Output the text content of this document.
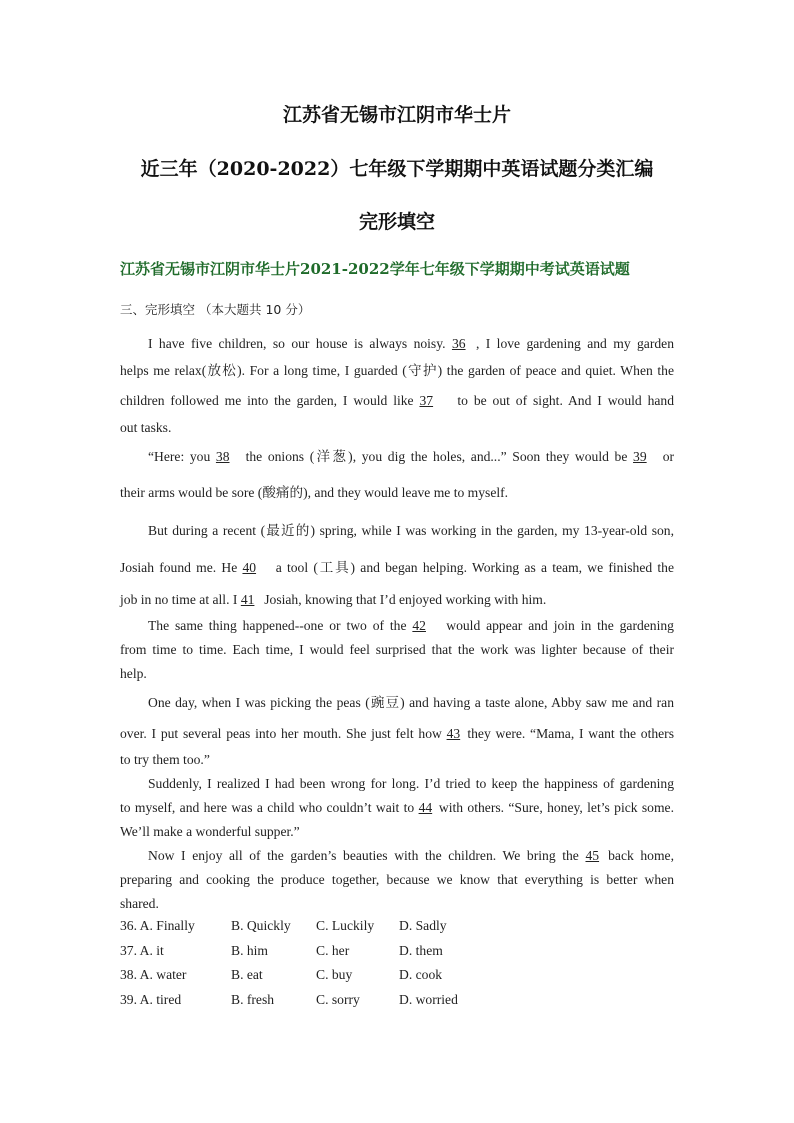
江苏省无锡市江阴市华士片
近三年（2020-2022）七年级下学期期中英语试题分类汇编
完形填空
江苏省无锡市江阴市华士片2021-2022学年七年级下学期期中考试英语试题
三、完形填空 （本大题共 10 分）

I have five children, so our house is always noisy. 36 , I love gardening and my garden

helps me relax(放松). For a long time, I guarded (守护) the garden of peace and quiet. When the

children followed me into the garden, I would like 37 to be out of sight. And I would hand

out tasks.

“Here: you 38 the onions (洋葱), you dig the holes, and...” Soon they would be 39 or

their arms would be sore (酸痛的), and they would leave me to myself.

But during a recent (最近的) spring, while I was working in the garden, my 13-year-old son,

Josiah found me. He 40 a tool (工具) and began helping. Working as a team, we finished the

job in no time at all. I 41 Josiah, knowing that I’d enjoyed working with him.

The same thing happened--one or two of the 42 would appear and join in the gardening

from time to time. Each time, I would feel surprised that the work was lighter because of their

help.

One day, when I was picking the peas (豌豆) and having a taste alone, Abby saw me and ran

over. I put several peas into her mouth. She just felt how 43 they were. “Mama, I want the others

to try them too.”

Suddenly, I realized I had been wrong for long. I’d tried to keep the happiness of gardening

to myself, and here was a child who couldn’t wait to 44 with others. “Sure, honey, let’s pick some.

We’ll make a wonderful supper.”

Now I enjoy all of the garden’s beauties with the children. We bring the 45 back home,

preparing and cooking the produce together, because we know that everything is better when

shared.

36. A. Finally	B. Quickly	C. Luckily	D. Sadly
37. A. it	B. him	C. her	D. them
38. A. water	B. eat	C. buy	D. cook
39. A. tired	B. fresh	C. sorry	D. worried
